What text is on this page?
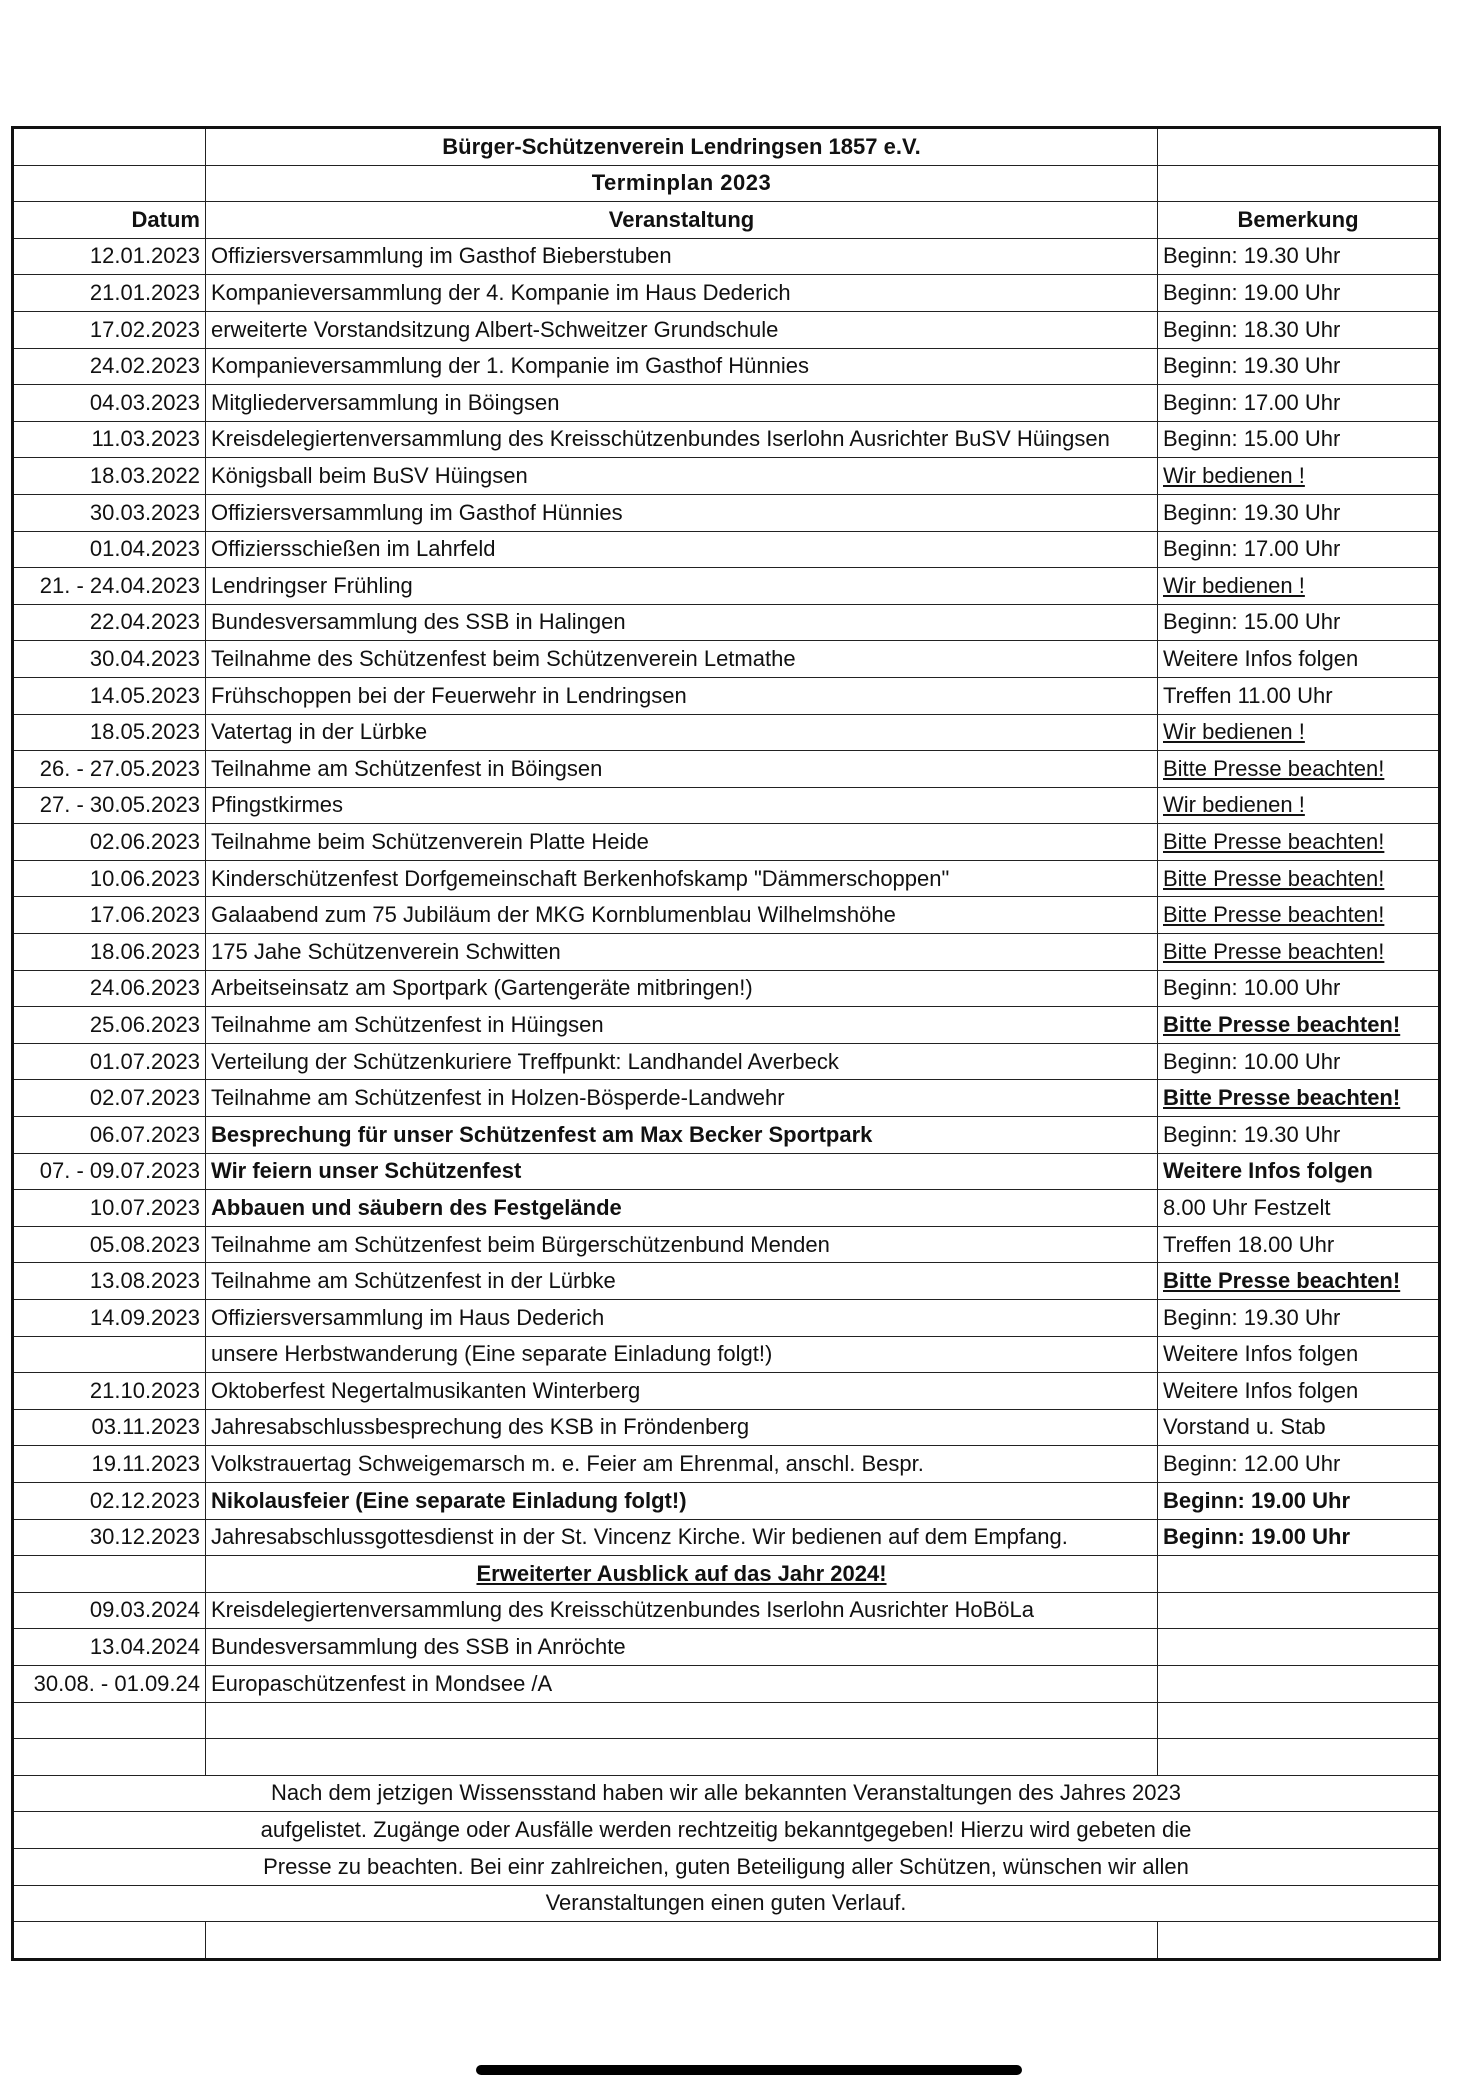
	Bürger-Schützenverein Lendringsen 1857 e.V.	
	Terminplan 2023	
Datum	Veranstaltung	Bemerkung
12.01.2023	Offiziersversammlung im Gasthof Bieberstuben	Beginn: 19.30 Uhr
21.01.2023	Kompanieversammlung der 4. Kompanie im Haus Dederich	Beginn: 19.00 Uhr
17.02.2023	erweiterte Vorstandsitzung Albert-Schweitzer Grundschule	Beginn: 18.30 Uhr
24.02.2023	Kompanieversammlung der 1. Kompanie im Gasthof Hünnies	Beginn: 19.30 Uhr
04.03.2023	Mitgliederversammlung in Böingsen	Beginn: 17.00 Uhr
11.03.2023	Kreisdelegiertenversammlung des Kreisschützenbundes Iserlohn Ausrichter BuSV Hüingsen	Beginn: 15.00 Uhr
18.03.2022	Königsball beim BuSV Hüingsen	Wir bedienen !
30.03.2023	Offiziersversammlung im Gasthof Hünnies	Beginn: 19.30 Uhr
01.04.2023	Offiziersschießen im Lahrfeld	Beginn: 17.00 Uhr
21. - 24.04.2023	Lendringser Frühling	Wir bedienen !
22.04.2023	Bundesversammlung des SSB in Halingen	Beginn: 15.00 Uhr
30.04.2023	Teilnahme des Schützenfest beim Schützenverein Letmathe	Weitere Infos folgen
14.05.2023	Frühschoppen bei der Feuerwehr in Lendringsen	Treffen 11.00 Uhr
18.05.2023	Vatertag in der Lürbke	Wir bedienen !
26. - 27.05.2023	Teilnahme am Schützenfest in Böingsen	Bitte Presse beachten!
27. - 30.05.2023	Pfingstkirmes	Wir bedienen !
02.06.2023	Teilnahme beim Schützenverein Platte Heide	Bitte Presse beachten!
10.06.2023	Kinderschützenfest Dorfgemeinschaft Berkenhofskamp "Dämmerschoppen"	Bitte Presse beachten!
17.06.2023	Galaabend zum 75 Jubiläum der MKG Kornblumenblau Wilhelmshöhe	Bitte Presse beachten!
18.06.2023	175 Jahe Schützenverein Schwitten	Bitte Presse beachten!
24.06.2023	Arbeitseinsatz am Sportpark (Gartengeräte mitbringen!)	Beginn: 10.00 Uhr
25.06.2023	Teilnahme am Schützenfest in Hüingsen	Bitte Presse beachten!
01.07.2023	Verteilung der Schützenkuriere Treffpunkt: Landhandel Averbeck	Beginn: 10.00 Uhr
02.07.2023	Teilnahme am Schützenfest in Holzen-Bösperde-Landwehr	Bitte Presse beachten!
06.07.2023	Besprechung für unser Schützenfest am Max Becker Sportpark	Beginn: 19.30 Uhr
07. - 09.07.2023	Wir feiern unser Schützenfest	Weitere Infos folgen
10.07.2023	Abbauen und säubern des Festgelände	8.00 Uhr Festzelt
05.08.2023	Teilnahme am Schützenfest beim Bürgerschützenbund Menden	Treffen 18.00 Uhr
13.08.2023	Teilnahme am Schützenfest in der Lürbke	Bitte Presse beachten!
14.09.2023	Offiziersversammlung im Haus Dederich	Beginn: 19.30 Uhr
	unsere Herbstwanderung (Eine separate Einladung folgt!)	Weitere Infos folgen
21.10.2023	Oktoberfest Negertalmusikanten Winterberg	Weitere Infos folgen
03.11.2023	Jahresabschlussbesprechung des KSB in Fröndenberg	Vorstand u. Stab
19.11.2023	Volkstrauertag Schweigemarsch m. e. Feier am Ehrenmal, anschl. Bespr.	Beginn: 12.00 Uhr
02.12.2023	Nikolausfeier (Eine separate Einladung folgt!)	Beginn: 19.00 Uhr
30.12.2023	Jahresabschlussgottesdienst in der St. Vincenz Kirche. Wir bedienen auf dem Empfang.	Beginn: 19.00 Uhr
	Erweiterter Ausblick auf das Jahr 2024!	
09.03.2024	Kreisdelegiertenversammlung des Kreisschützenbundes Iserlohn Ausrichter HoBöLa	
13.04.2024	Bundesversammlung des SSB in Anröchte	
30.08. - 01.09.24	Europaschützenfest in Mondsee /A	

Nach dem jetzigen Wissensstand haben wir alle bekannten Veranstaltungen des Jahres 2023		
aufgelistet. Zugänge oder Ausfälle werden rechtzeitig bekanntgegeben! Hierzu wird gebeten die		
Presse zu beachten. Bei einr zahlreichen, guten Beteiligung aller Schützen, wünschen wir allen		
Veranstaltungen einen guten Verlauf.		
